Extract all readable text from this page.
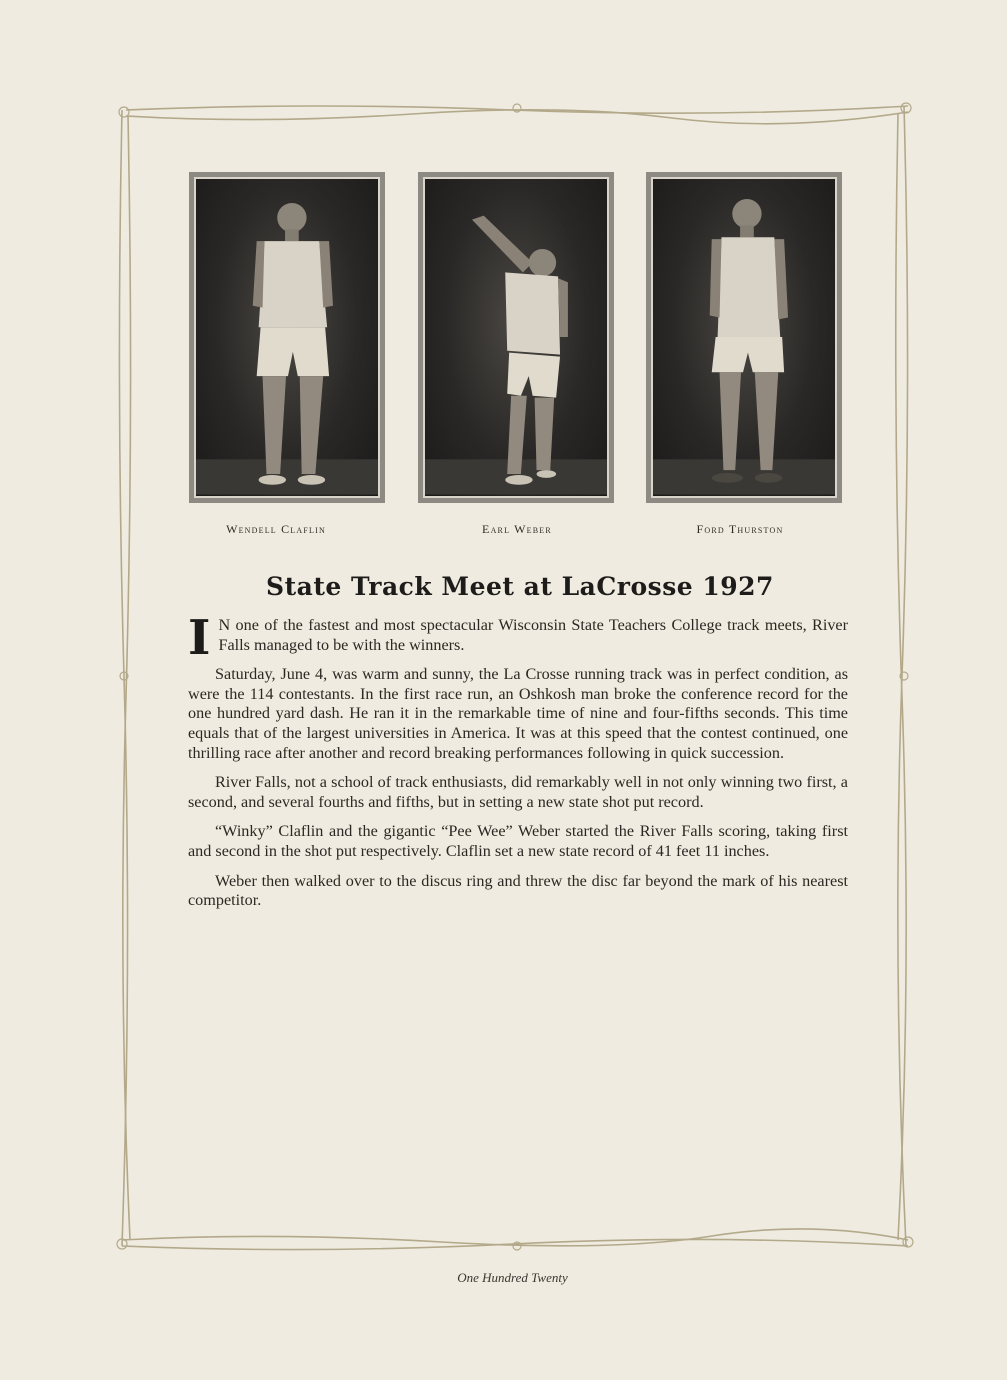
Wendell Claflin	Earl Weber	Ford Thurston
State Track Meet at LaCrosse 1927

I N one of the fastest and most spectacular Wisconsin State Teachers College track meets, River Falls managed to be with the winners.

Saturday, June 4, was warm and sunny, the La Crosse running track was in perfect condition, as were the 114 contestants. In the first race run, an Oshkosh man broke the conference record for the one hundred yard dash. He ran it in the remarkable time of nine and four-fifths seconds. This time equals that of the largest universities in America. It was at this speed that the contest continued, one thrilling race after another and record breaking performances following in quick succession.

River Falls, not a school of track enthusiasts, did remarkably well in not only winning two first, a second, and several fourths and fifths, but in setting a new state shot put record.

“Winky” Claflin and the gigantic “Pee Wee” Weber started the River Falls scoring, taking first and second in the shot put respectively. Claflin set a new state record of 41 feet 11 inches.

Weber then walked over to the discus ring and threw the disc far beyond the mark of his nearest competitor.

One Hundred Twenty
